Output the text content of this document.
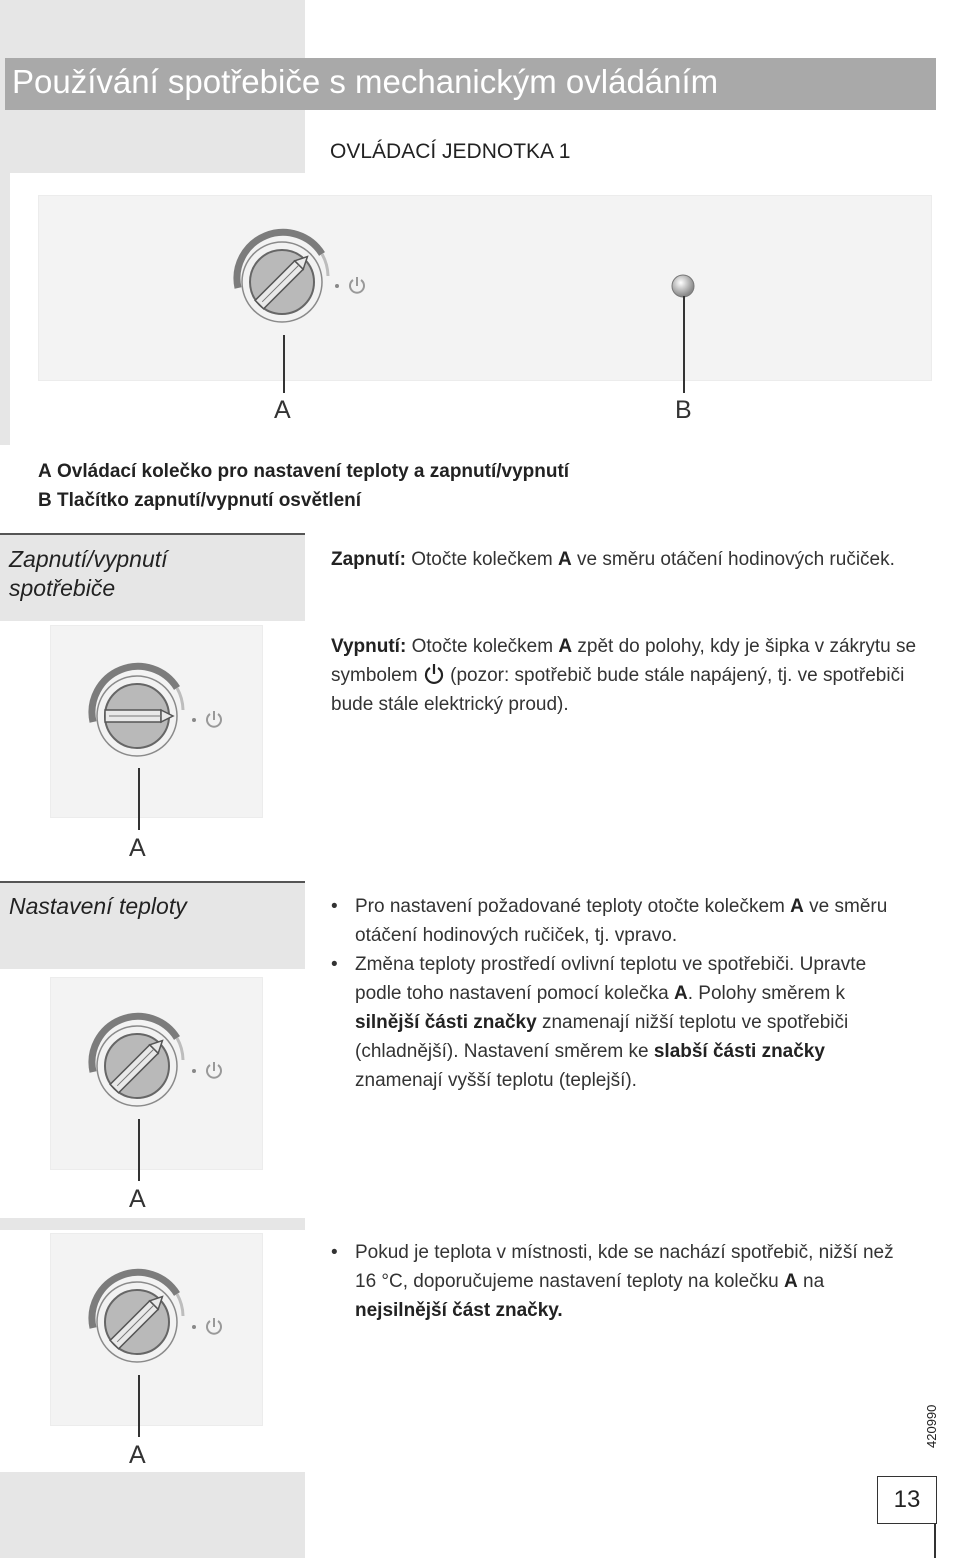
Používání spotřebiče s mechanickým ovládáním
OVLÁDACÍ JEDNOTKA 1
A	B
A Ovládací kolečko pro nastavení teploty a zapnutí/vypnutí
B Tlačítko zapnutí/vypnutí osvětlení
Zapnutí/vypnutí spotřebiče
Zapnutí: Otočte kolečkem A ve směru otáčení hodinových ručiček.
Vypnutí: Otočte kolečkem A zpět do polohy, kdy je šipka v zákrytu se symbolem (pozor: spotřebič bude stále napájený, tj. ve spotřebiči bude stále elektrický proud).
A
Nastavení teploty
•	Pro nastavení požadované teploty otočte kolečkem A ve směru otáčení hodinových ručiček, tj. vpravo.
• Změna teploty prostředí ovlivní teplotu ve spotřebiči. Upravte podle toho nastavení pomocí kolečka A. Polohy směrem k silnější části značky znamenají nižší teplotu ve spotřebiči (chladnější). Nastavení směrem ke slabší části značky znamenají vyšší teplotu (teplejší).
A
• Pokud je teplota v místnosti, kde se nachází spotřebič, nižší než 16 °C, doporučujeme nastavení teploty na kolečku A na nejsilnější část značky.
A
13
420990
